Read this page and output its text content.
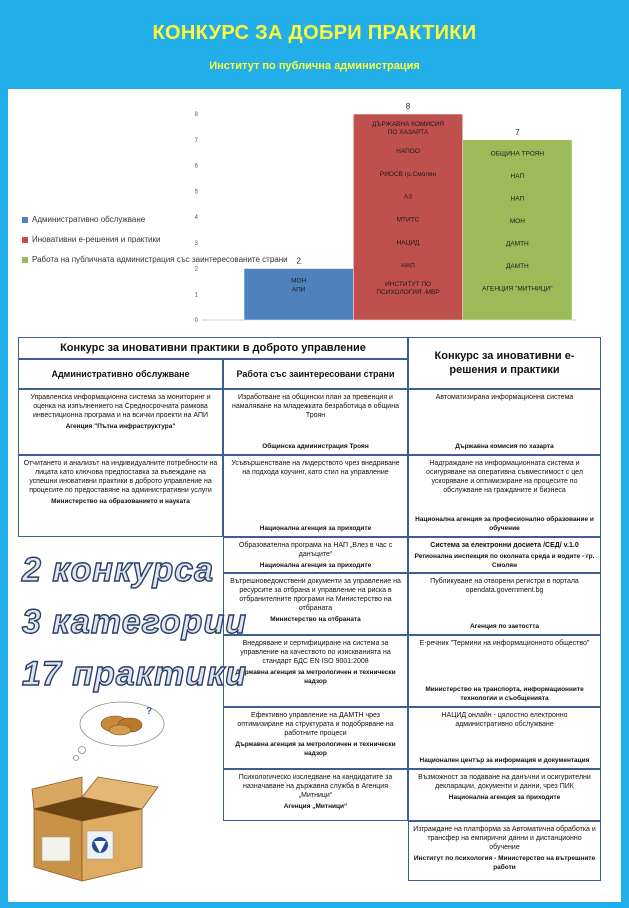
КОНКУРС ЗА ДОБРИ ПРАКТИКИ
Институт по публична администрация
Административно обслужване
Иновативни е-решения и практики
Работа на публичната администрация със заинтересованите страни
0
1
2
3
4
5
6
7
8
2
МОН
АПИ
8
ДЪРЖАВНА КОМИСИЯ
ПО ХАЗАРТА
НАПОО
РИОСВ гр.Смолян
АЗ
МТИТС
НАЦИД
НАП
ИНСТИТУТ ПО
ПСИХОЛОГИЯ -МВР
7
ОБЩИНА ТРОЯН
НАП
НАП
МОН
ДАМТН
ДАМТН
АГЕНЦИЯ "МИТНИЦИ"
Конкурс за иновативни практики в доброто управление
Конкурс за иновативни е-решения и практики
Административно обслужване	Работа със заинтересовани страни
Управленска информационна система за мониторинг и оценка на изпълнението на Средносрочната рамкова инвестиционна програма и на всички проекти на АПИ
Агенция "Пътна инфраструктура"
Отчитането и анализът на индивидуалните потребности на лицата като ключова предпоставка за въвеждане на успешни иновативни практики в доброто управление на процесите по предоставяне на административни услуги
Министерство на образованието и науката
Изработване на общински план за превенция и намаляване на младежката безработица в община Троян
Общинска администрация Троян
Усъвършенстване на лидерството чрез внедряване на подхода коучинг, като стил на управление
Национална агенция за приходите
Образователна програма на НАП „Влез в час с данъците“
Национална агенция за приходите
Вътрешноведомствени документи за управление на ресурсите за отбрана и управление на риска в отбранителните програми на Министерство на отбраната
Министерство на отбраната
Внедряване и сертифициране на система за управление на качеството по изискванията на стандарт БДС EN ISO 9001:2008
Държавна агенция за метрологичен и технически надзор
Ефективно управление на ДАМТН чрез оптимизиране на структурата и подобряване на работните процеси
Държавна агенция за метрологичен и технически надзор
Психологическо изследване на кандидатите за назначаване на държавна служба в Агенция „Митници“
Агенция „Митници“
Автоматизирана информационна система
Държавна комисия по хазарта
Надграждане на информационната система и осигуряване на оперативна съвместимост с цел ускоряване и оптимизиране на процесите по обслужване на гражданите и бизнеса
Национална агенция за професионално образование и обучение
Система за електронни досиета /СЕД/ v.1.0
Регионална инспекция по околната среда и водите - гр. Смолян
Публикуване на отворени регистри в портала opendata.government.bg
Агенция по заетостта
Е-речник "Термини на информационното общество"
Министерство на транспорта, информационните технологии и съобщенията
НАЦИД онлайн - цялостно електронно административно обслужване
Национален център за информация и документация
Възможност за подаване на данъчни и осигурителни декларации, документи и данни, чрез ПИК
Национална агенция за приходите
Изграждане на платформа за Автоматична обработка и трансфер на емпирични данни и дистанционно обучение
Институт по психология - Министерство на вътрешните работи
2 конкурса
3 категории
17 практики
?
